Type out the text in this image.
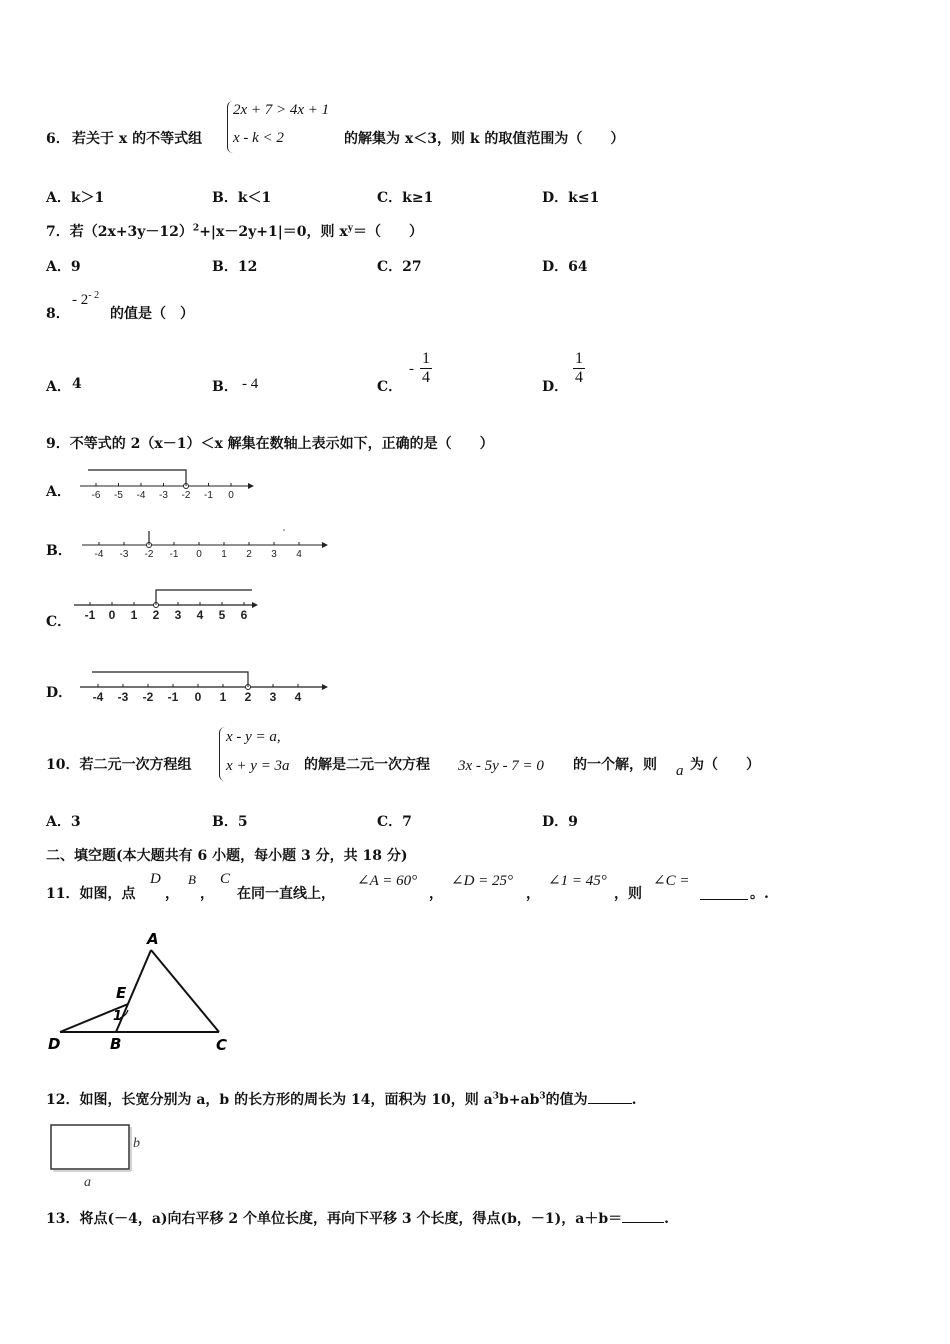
6． 若关于 x 的不等式组
2x + 7 > 4x + 1
x - k < 2	的解集为 x＜3，则 k 的取值范围为（　　）
A．k＞1	B．k＜1	C．k≥1	D．k≤1
7．若$(2x+3y-12)^2+|x-2y+1|=0$，则 $x^y=$（　　）
A．9	B．12	C．27	D．64
8．
- $2^{- 2}$
的值是（　）
A． 4	B． - 4	C．
- $\frac{1}{4}$	D． $\frac{1}{4}$
9．不等式的 2（x－1）＜x 解集在数轴上表示如下，正确的是（　　）
A． -6 -5 -4 -3 -2 -1 0
B． -4 -3 -2 -1 0 1 2 3 4
C． -1 0 1 2 3 4 5 6
D． -4 -3 -2 -1 0 1 2 3 4
10．若二元一次方程组
x - y = a,
x + y = 3a 的解是二元一次方程 3x - 5y - 7 = 0 的一个解，则 a 为（　　）
A．3	B．5	C．7	D．9
二、填空题(本大题共有 6 小题，每小题 3 分，共 18 分)
11．如图，点
D
，
B
，
C
在同一直线上，
∠A = 60°
，
∠D = 25°
，
∠1 = 45°
，则
∠C =
。.
A
E
1
D	B	C
12．如图，长宽分别为 a，b 的长方形的周长为 14，面积为 10，则 $a^3b+ab^3$的值为	.
b
a
13．将点(－4，a)向右平移 2 个单位长度，再向下平移 3 个长度，得点(b，－1)，a＋b＝	.
